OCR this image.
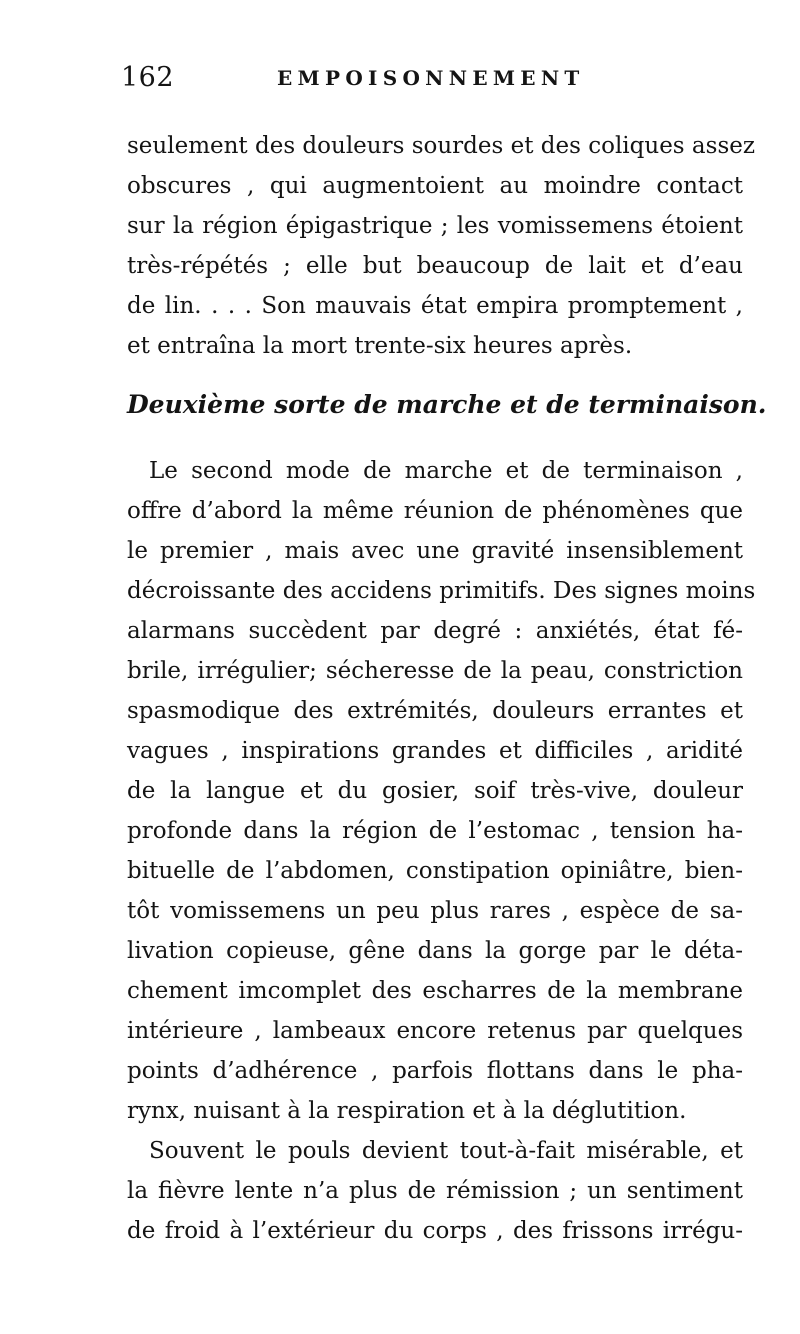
162	EMPOISONNEMENT
seulement des douleurs sourdes et des coliques assez
obscures , qui augmentoient au moindre contact
sur la région épigastrique ; les vomissemens étoient
très-répétés ; elle but beaucoup de lait et d’eau
de lin. . . . Son mauvais état empira promptement ,
et entraîna la mort trente-six heures après.
Deuxième sorte de marche et de terminaison.
Le second mode de marche et de terminaison ,
offre d’abord la même réunion de phénomènes que
le premier , mais avec une gravité insensiblement
décroissante des accidens primitifs. Des signes moins
alarmans succèdent par degré : anxiétés, état fé-
brile, irrégulier; sécheresse de la peau, constriction
spasmodique des extrémités, douleurs errantes et
vagues , inspirations grandes et difficiles , aridité
de la langue et du gosier, soif très-vive, douleur
profonde dans la région de l’estomac , tension ha-
bituelle de l’abdomen, constipation opiniâtre, bien-
tôt vomissemens un peu plus rares , espèce de sa-
livation copieuse, gêne dans la gorge par le déta-
chement imcomplet des escharres de la membrane
intérieure , lambeaux encore retenus par quelques
points d’adhérence , parfois flottans dans le pha-
rynx, nuisant à la respiration et à la déglutition.
Souvent le pouls devient tout-à-fait misérable, et
la fièvre lente n’a plus de rémission ; un sentiment
de froid à l’extérieur du corps , des frissons irrégu-
